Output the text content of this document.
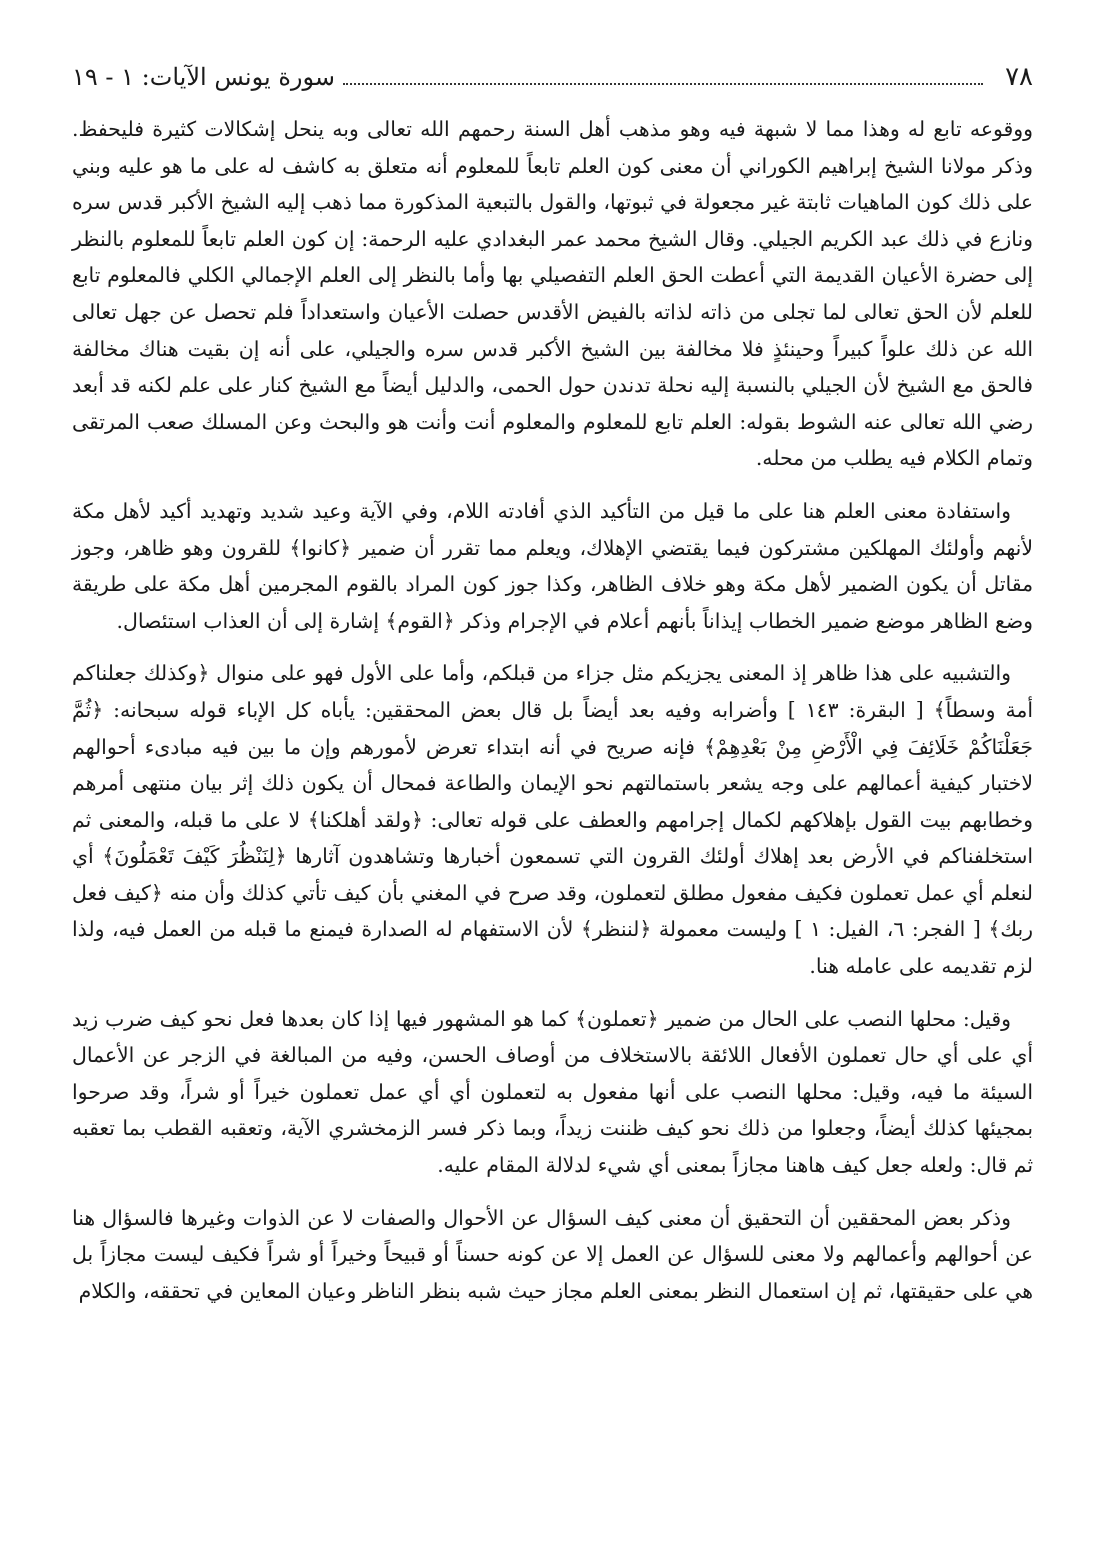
٧٨
سورة يونس الآيات: ١ - ١٩

ووقوعه تابع له وهذا مما لا شبهة فيه وهو مذهب أهل السنة رحمهم الله تعالى وبه ينحل إشكالات كثيرة فليحفظ. وذكر مولانا الشيخ إبراهيم الكوراني أن معنى كون العلم تابعاً للمعلوم أنه متعلق به كاشف له على ما هو عليه وبني على ذلك كون الماهيات ثابتة غير مجعولة في ثبوتها، والقول بالتبعية المذكورة مما ذهب إليه الشيخ الأكبر قدس سره ونازع في ذلك عبد الكريم الجيلي. وقال الشيخ محمد عمر البغدادي عليه الرحمة: إن كون العلم تابعاً للمعلوم بالنظر إلى حضرة الأعيان القديمة التي أعطت الحق العلم التفصيلي بها وأما بالنظر إلى العلم الإجمالي الكلي فالمعلوم تابع للعلم لأن الحق تعالى لما تجلى من ذاته لذاته بالفيض الأقدس حصلت الأعيان واستعداداً فلم تحصل عن جهل تعالى الله عن ذلك علواً كبيراً وحينئذٍ فلا مخالفة بين الشيخ الأكبر قدس سره والجيلي، على أنه إن بقيت هناك مخالفة فالحق مع الشيخ لأن الجيلي بالنسبة إليه نحلة تدندن حول الحمى، والدليل أيضاً مع الشيخ كنار على علم لكنه قد أبعد رضي الله تعالى عنه الشوط بقوله: العلم تابع للمعلوم والمعلوم أنت وأنت هو والبحث وعن المسلك صعب المرتقى وتمام الكلام فيه يطلب من محله.

واستفادة معنى العلم هنا على ما قيل من التأكيد الذي أفادته اللام، وفي الآية وعيد شديد وتهديد أكيد لأهل مكة لأنهم وأولئك المهلكين مشتركون فيما يقتضي الإهلاك، ويعلم مما تقرر أن ضمير ﴿كانوا﴾ للقرون وهو ظاهر، وجوز مقاتل أن يكون الضمير لأهل مكة وهو خلاف الظاهر، وكذا جوز كون المراد بالقوم المجرمين أهل مكة على طريقة وضع الظاهر موضع ضمير الخطاب إيذاناً بأنهم أعلام في الإجرام وذكر ﴿القوم﴾ إشارة إلى أن العذاب استئصال.

والتشبيه على هذا ظاهر إذ المعنى يجزيكم مثل جزاء من قبلكم، وأما على الأول فهو على منوال ﴿وكذلك جعلناكم أمة وسطاً﴾ [ البقرة: ١٤٣ ] وأضرابه وفيه بعد أيضاً بل قال بعض المحققين: يأباه كل الإباء قوله سبحانه: ﴿ثُمَّ جَعَلْنَاكُمْ خَلَائِفَ فِي الْأَرْضِ مِنْ بَعْدِهِمْ﴾ فإنه صريح في أنه ابتداء تعرض لأمورهم وإن ما بين فيه مبادىء أحوالهم لاختبار كيفية أعمالهم على وجه يشعر باستمالتهم نحو الإيمان والطاعة فمحال أن يكون ذلك إثر بيان منتهى أمرهم وخطابهم بيت القول بإهلاكهم لكمال إجرامهم والعطف على قوله تعالى: ﴿ولقد أهلكنا﴾ لا على ما قبله، والمعنى ثم استخلفناكم في الأرض بعد إهلاك أولئك القرون التي تسمعون أخبارها وتشاهدون آثارها ﴿لِنَنْظُرَ كَيْفَ تَعْمَلُونَ﴾ أي لنعلم أي عمل تعملون فكيف مفعول مطلق لتعملون، وقد صرح في المغني بأن كيف تأتي كذلك وأن منه ﴿كيف فعل ربك﴾ [ الفجر: ٦، الفيل: ١ ] وليست معمولة ﴿لننظر﴾ لأن الاستفهام له الصدارة فيمنع ما قبله من العمل فيه، ولذا لزم تقديمه على عامله هنا.

وقيل: محلها النصب على الحال من ضمير ﴿تعملون﴾ كما هو المشهور فيها إذا كان بعدها فعل نحو كيف ضرب زيد أي على أي حال تعملون الأفعال اللائقة بالاستخلاف من أوصاف الحسن، وفيه من المبالغة في الزجر عن الأعمال السيئة ما فيه، وقيل: محلها النصب على أنها مفعول به لتعملون أي أي عمل تعملون خيراً أو شراً، وقد صرحوا بمجيئها كذلك أيضاً، وجعلوا من ذلك نحو كيف ظننت زيداً، وبما ذكر فسر الزمخشري الآية، وتعقبه القطب بما تعقبه ثم قال: ولعله جعل كيف هاهنا مجازاً بمعنى أي شيء لدلالة المقام عليه.

وذكر بعض المحققين أن التحقيق أن معنى كيف السؤال عن الأحوال والصفات لا عن الذوات وغيرها فالسؤال هنا عن أحوالهم وأعمالهم ولا معنى للسؤال عن العمل إلا عن كونه حسناً أو قبيحاً وخيراً أو شراً فكيف ليست مجازاً بل هي على حقيقتها، ثم إن استعمال النظر بمعنى العلم مجاز حيث شبه بنظر الناظر وعيان المعاين في تحققه، والكلام
